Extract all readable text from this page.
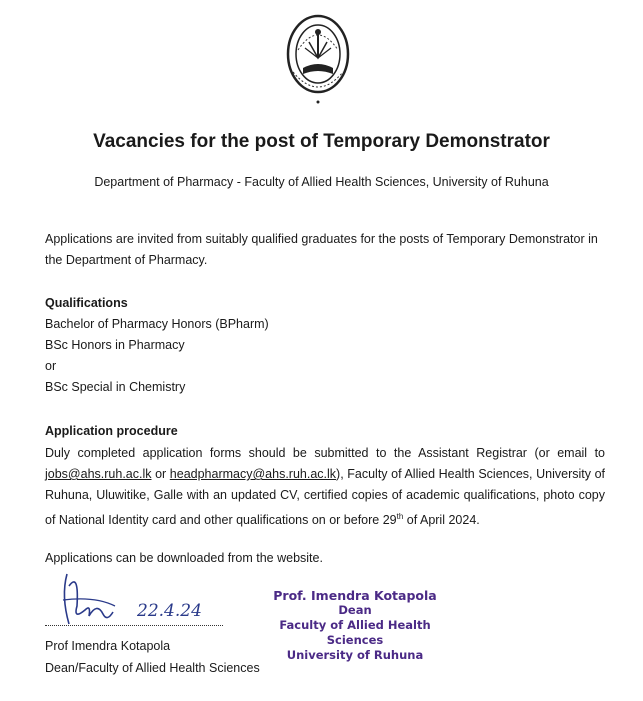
Vacancies for the post of Temporary Demonstrator
Department of Pharmacy - Faculty of Allied Health Sciences, University of Ruhuna
Applications are invited from suitably qualified graduates for the posts of Temporary Demonstrator in the Department of Pharmacy.
Qualifications
Bachelor of Pharmacy Honors (BPharm)
BSc Honors in Pharmacy
or
BSc Special in Chemistry
Application procedure
Duly completed application forms should be submitted to the Assistant Registrar (or email to jobs@ahs.ruh.ac.lk or headpharmacy@ahs.ruh.ac.lk), Faculty of Allied Health Sciences, University of Ruhuna, Uluwitike, Galle with an updated CV, certified copies of academic qualifications, photo copy of National Identity card and other qualifications on or before 29th of April 2024.
Applications can be downloaded from the website.
22.4.24
Prof Imendra Kotapola
Dean/Faculty of Allied Health Sciences
Prof. Imendra Kotapola
Dean
Faculty of Allied Health Sciences
University of Ruhuna
